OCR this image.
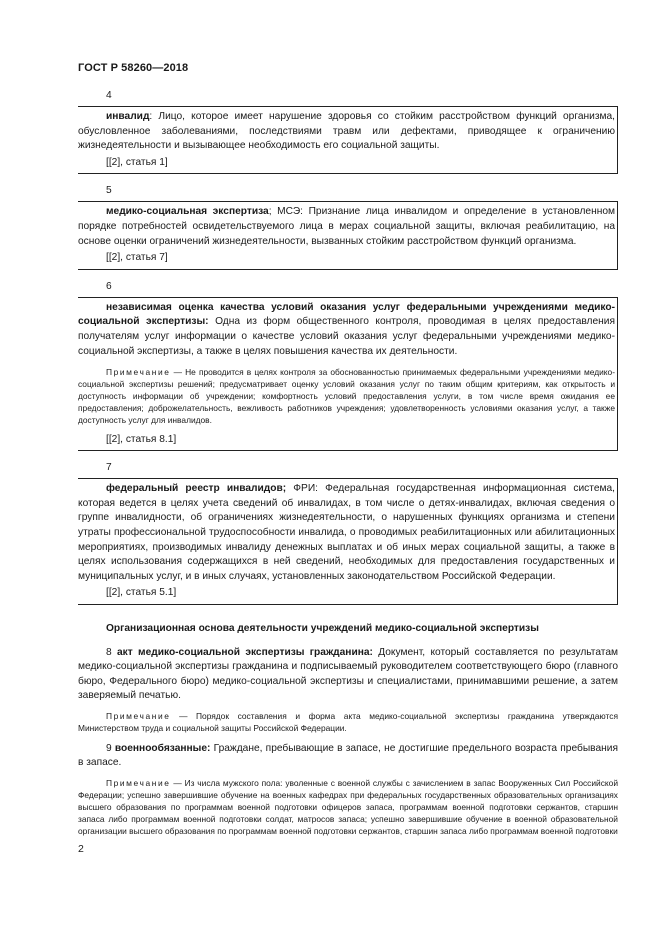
ГОСТ Р 58260—2018
4

инвалид: Лицо, которое имеет нарушение здоровья со стойким расстройством функций организма, обусловленное заболеваниями, последствиями травм или дефектами, приводящее к ограничению жизнедеятельности и вызывающее необходимость его социальной защиты.

[[2], статья 1]

5

медико-социальная экспертиза; МСЭ: Признание лица инвалидом и определение в установленном порядке потребностей освидетельствуемого лица в мерах социальной защиты, включая реабилитацию, на основе оценки ограничений жизнедеятельности, вызванных стойким расстройством функций организма.

[[2], статья 7]

6

независимая оценка качества условий оказания услуг федеральными учреждениями медико-социальной экспертизы: Одна из форм общественного контроля, проводимая в целях предоставления получателям услуг информации о качестве условий оказания услуг федеральными учреждениями медико-социальной экспертизы, а также в целях повышения качества их деятельности.

Примечание — Не проводится в целях контроля за обоснованностью принимаемых федеральными учреждениями медико-социальной экспертизы решений; предусматривает оценку условий оказания услуг по таким общим критериям, как открытость и доступность информации об учреждении; комфортность условий предоставления услуги, в том числе время ожидания ее предоставления; доброжелательность, вежливость работников учреждения; удовлетворенность условиями оказания услуг, а также доступность услуг для инвалидов.

[[2], статья 8.1]

7

федеральный реестр инвалидов; ФРИ: Федеральная государственная информационная система, которая ведется в целях учета сведений об инвалидах, в том числе о детях-инвалидах, включая сведения о группе инвалидности, об ограничениях жизнедеятельности, о нарушенных функциях организма и степени утраты профессиональной трудоспособности инвалида, о проводимых реабилитационных или абилитационных мероприятиях, производимых инвалиду денежных выплатах и об иных мерах социальной защиты, а также в целях использования содержащихся в ней сведений, необходимых для предоставления государственных и муниципальных услуг, и в иных случаях, установленных законодательством Российской Федерации.

[[2], статья 5.1]

Организационная основа деятельности учреждений медико-социальной экспертизы

8 акт медико-социальной экспертизы гражданина: Документ, который составляется по результатам медико-социальной экспертизы гражданина и подписываемый руководителем соответствующего бюро (главного бюро, Федерального бюро) медико-социальной экспертизы и специалистами, принимавшими решение, а затем заверяемый печатью.

Примечание — Порядок составления и форма акта медико-социальной экспертизы гражданина утверждаются Министерством труда и социальной защиты Российской Федерации.

9 военнообязанные: Граждане, пребывающие в запасе, не достигшие предельного возраста пребывания в запасе.

Примечание — Из числа мужского пола: уволенные с военной службы с зачислением в запас Вооруженных Сил Российской Федерации; успешно завершившие обучение на военных кафедрах при федеральных государственных образовательных организациях высшего образования по программам военной подготовки офицеров запаса, программам военной подготовки сержантов, старшин запаса либо программам военной подготовки солдат, матросов запаса; успешно завершившие обучение в военной образовательной организации высшего образования по программам военной подготовки сержантов, старшин запаса либо программам военной подготовки

2
